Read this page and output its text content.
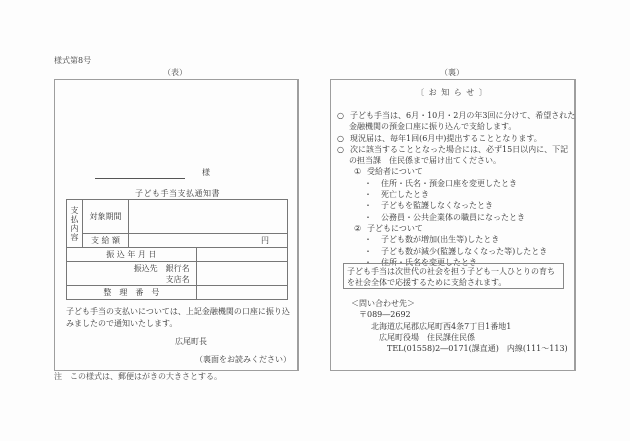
様式第8号
（表）	（裏）
様
子ども手当支払通知書
支
払
内
容	対象期間		
	支 給 額	円	
振 込 年 月 日			

振込先　銀行名
支店名			

整　理　番　号			
子ども手当の支払いについては、上記金融機関の口座に振り込みましたので通知いたします。
広尾町長
（裏面をお読みください）
〔 お 知 ら せ 〕
○ 子ども手当は、6月・10月・2月の年3回に分けて、希望された
金融機関の預金口座に振り込んで支給します。
○ 現況届は、毎年1回(6月中)提出することとなります。
○ 次に該当することとなった場合には、必ず15日以内に、下記
の担当課　住民係まで届け出てください。
① 受給者について
・ 住所・氏名・預金口座を変更したとき
・ 死亡したとき
・ 子どもを監護しなくなったとき
・ 公務員・公共企業体の職員になったとき
② 子どもについて
・ 子ども数が増加(出生等)したとき
・ 子ども数が減少(監護しなくなった等)したとき
・ 住所・氏名を変更したとき
子ども手当は次世代の社会を担う子ども一人ひとりの育ちを社会全体で応援するために支給されます。
＜問い合わせ先＞
〒089―2692
北海道広尾郡広尾町西4条7丁目1番地1
広尾町役場　住民課住民係
TEL(01558)2―0171(課直通)　内線(111～113)
注　この様式は、郵便はがきの大きさとする。
